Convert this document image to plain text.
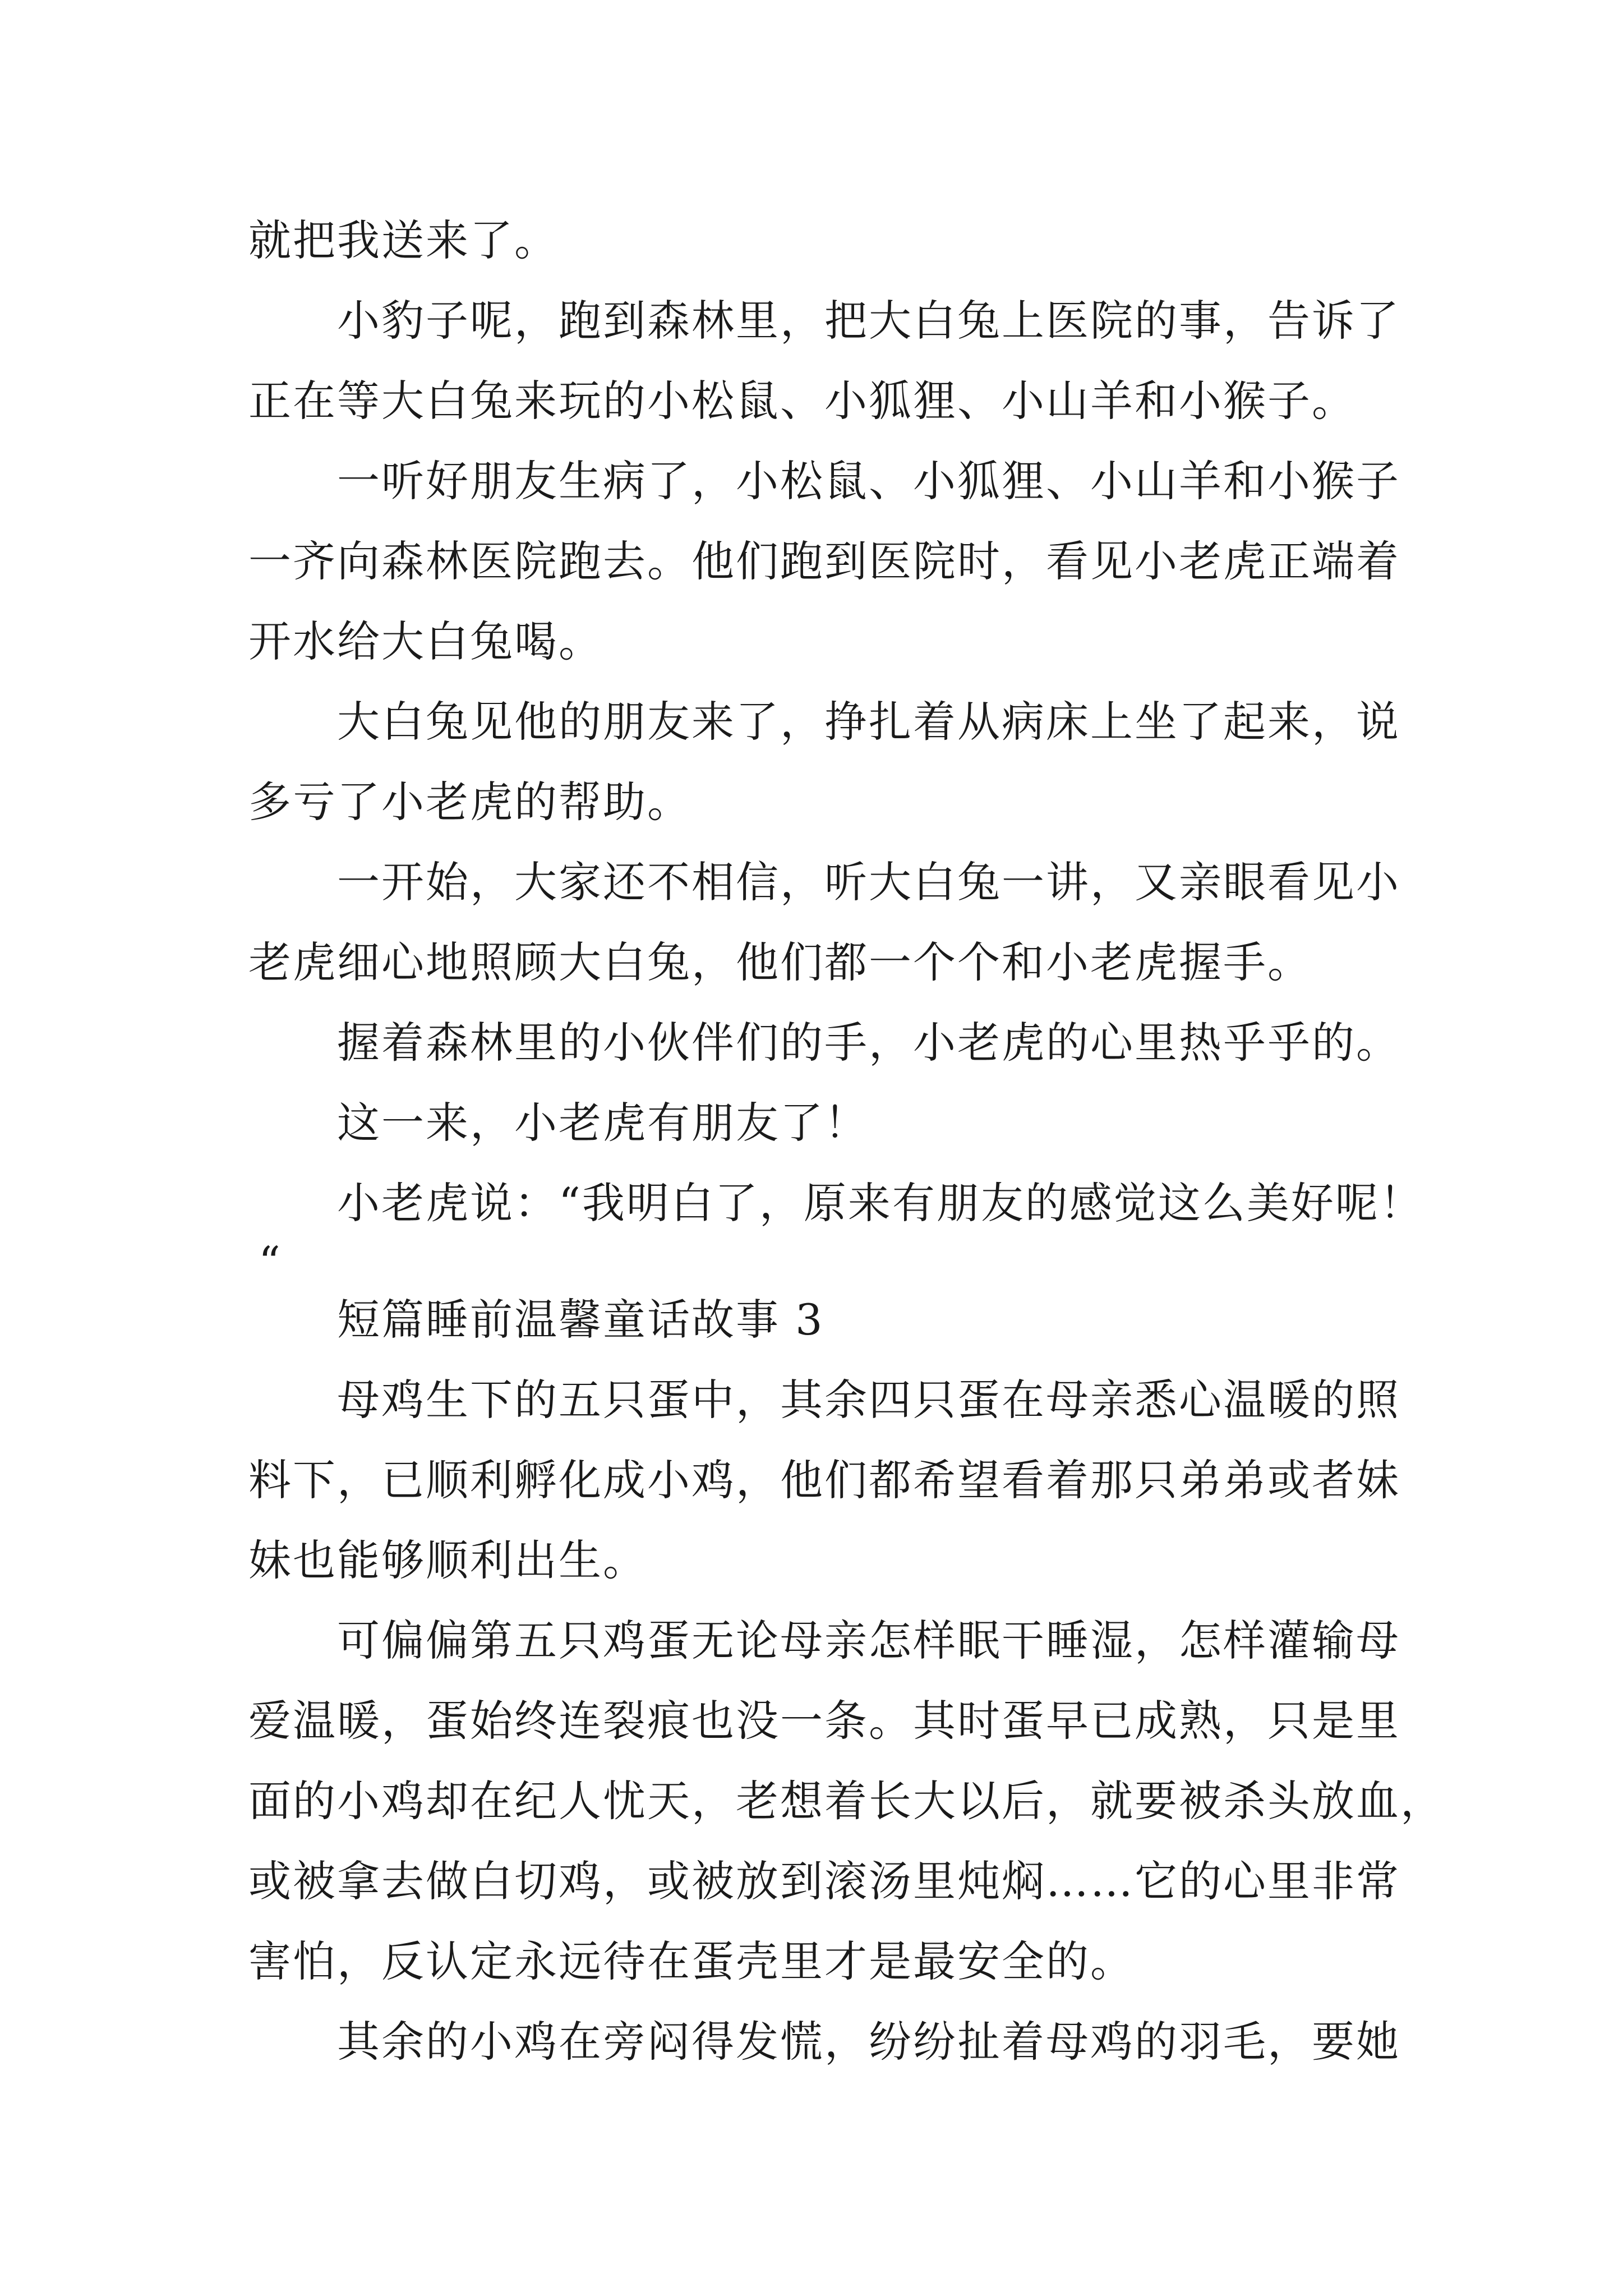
就把我送来了。

小豹子呢，跑到森林里，把大白兔上医院的事，告诉了

正在等大白兔来玩的小松鼠、小狐狸、小山羊和小猴子。

一听好朋友生病了，小松鼠、小狐狸、小山羊和小猴子

一齐向森林医院跑去。他们跑到医院时，看见小老虎正端着

开水给大白兔喝。

大白兔见他的朋友来了，挣扎着从病床上坐了起来，说

多亏了小老虎的帮助。

一开始，大家还不相信，听大白兔一讲，又亲眼看见小

老虎细心地照顾大白兔，他们都一个个和小老虎握手。

握着森林里的小伙伴们的手，小老虎的心里热乎乎的。

这一来，小老虎有朋友了！

小老虎说：“我明白了，原来有朋友的感觉这么美好呢！

“

短篇睡前温馨童话故事 3

母鸡生下的五只蛋中，其余四只蛋在母亲悉心温暖的照

料下，已顺利孵化成小鸡，他们都希望看着那只弟弟或者妹

妹也能够顺利出生。

可偏偏第五只鸡蛋无论母亲怎样眠干睡湿，怎样灌输母

爱温暖，蛋始终连裂痕也没一条。其时蛋早已成熟，只是里

面的小鸡却在纪人忧天，老想着长大以后，就要被杀头放血，

或被拿去做白切鸡，或被放到滚汤里炖焖……它的心里非常

害怕，反认定永远待在蛋壳里才是最安全的。

其余的小鸡在旁闷得发慌，纷纷扯着母鸡的羽毛，要她
